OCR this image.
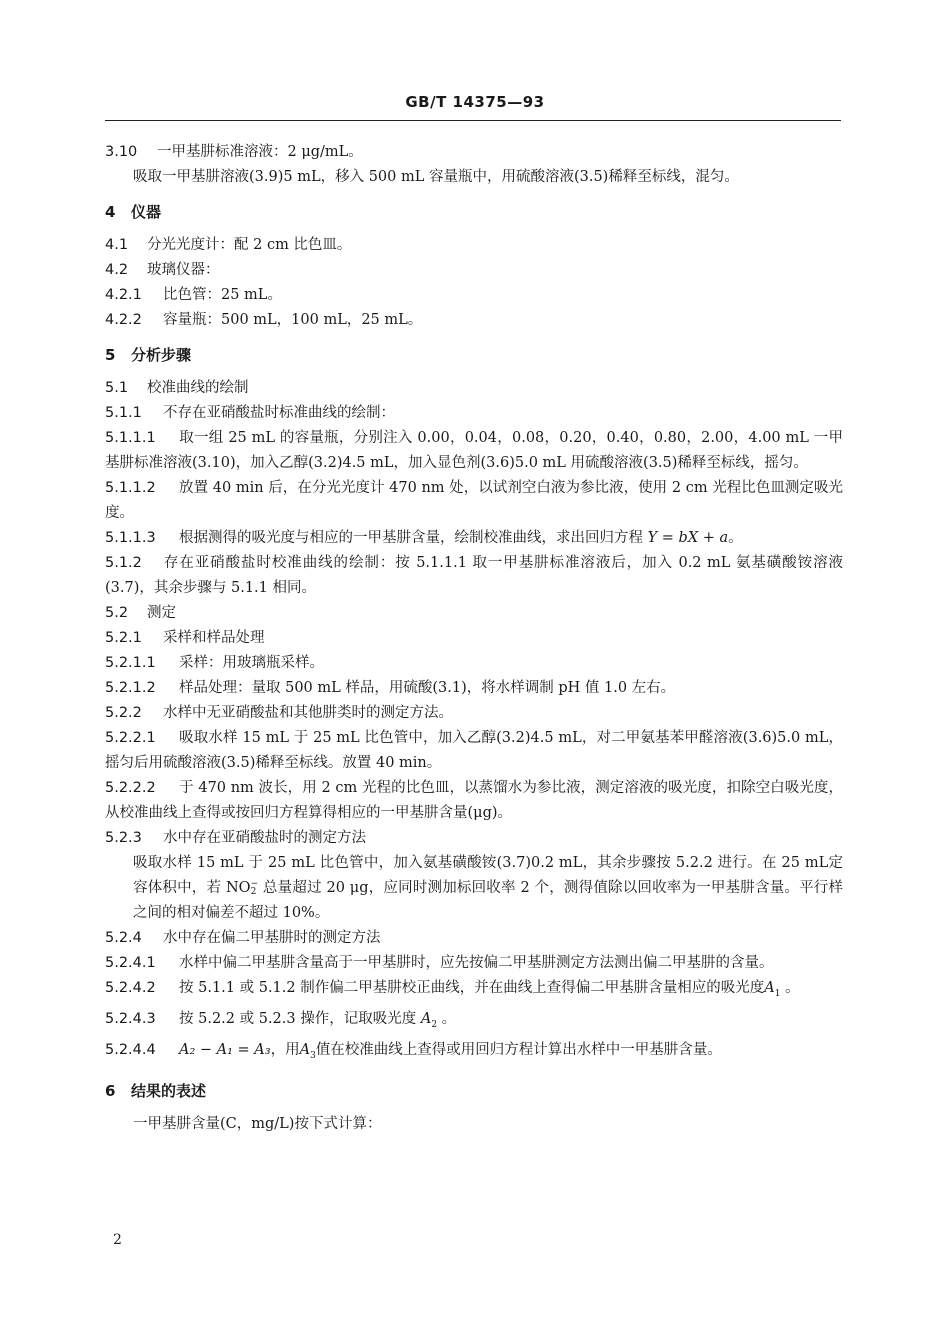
GB/T 14375—93
3.10 一甲基肼标准溶液：2 μg/mL。
吸取一甲基肼溶液(3.9)5 mL，移入 500 mL 容量瓶中，用硫酸溶液(3.5)稀释至标线，混匀。
4 仪器
4.1 分光光度计：配 2 cm 比色皿。
4.2 玻璃仪器：
4.2.1 比色管：25 mL。
4.2.2 容量瓶：500 mL，100 mL，25 mL。
5 分析步骤
5.1 校准曲线的绘制
5.1.1 不存在亚硝酸盐时标准曲线的绘制：
5.1.1.1 取一组 25 mL 的容量瓶，分别注入 0.00，0.04，0.08，0.20，0.40，0.80，2.00，4.00 mL 一甲基肼标准溶液(3.10)，加入乙醇(3.2)4.5 mL，加入显色剂(3.6)5.0 mL 用硫酸溶液(3.5)稀释至标线，摇匀。
5.1.1.2 放置 40 min 后，在分光光度计 470 nm 处，以试剂空白液为参比液，使用 2 cm 光程比色皿测定吸光度。
5.1.1.3 根据测得的吸光度与相应的一甲基肼含量，绘制校准曲线，求出回归方程 Y = bX + a。
5.1.2 存在亚硝酸盐时校准曲线的绘制：按 5.1.1.1 取一甲基肼标准溶液后，加入 0.2 mL 氨基磺酸铵溶液(3.7)，其余步骤与 5.1.1 相同。
5.2 测定
5.2.1 采样和样品处理
5.2.1.1 采样：用玻璃瓶采样。
5.2.1.2 样品处理：量取 500 mL 样品，用硫酸(3.1)，将水样调制 pH 值 1.0 左右。
5.2.2 水样中无亚硝酸盐和其他肼类时的测定方法。
5.2.2.1 吸取水样 15 mL 于 25 mL 比色管中，加入乙醇(3.2)4.5 mL，对二甲氨基苯甲醛溶液(3.6)5.0 mL，摇匀后用硫酸溶液(3.5)稀释至标线。放置 40 min。
5.2.2.2 于 470 nm 波长，用 2 cm 光程的比色皿，以蒸馏水为参比液，测定溶液的吸光度，扣除空白吸光度，从校准曲线上查得或按回归方程算得相应的一甲基肼含量(μg)。
5.2.3 水中存在亚硝酸盐时的测定方法
吸取水样 15 mL 于 25 mL 比色管中，加入氨基磺酸铵(3.7)0.2 mL，其余步骤按 5.2.2 进行。在 25 mL定容体积中，若 NO −
2 总量超过 20 μg，应同时测加标回收率 2 个，测得值除以回收率为一甲基肼含量。平行样之间的相对偏差不超过 10%。
5.2.4 水中存在偏二甲基肼时的测定方法
5.2.4.1 水样中偏二甲基肼含量高于一甲基肼时，应先按偏二甲基肼测定方法测出偏二甲基肼的含量。
5.2.4.2 按 5.1.1 或 5.1.2 制作偏二甲基肼校正曲线，并在曲线上查得偏二甲基肼含量相应的吸光度$A_1$ 。
5.2.4.3 按 5.2.2 或 5.2.3 操作，记取吸光度 $A_2$ 。
5.2.4.4 A₂ − A₁ = A₃，用$A_3$值在校准曲线上查得或用回归方程计算出水样中一甲基肼含量。
6 结果的表述
一甲基肼含量(C，mg/L)按下式计算：
2
